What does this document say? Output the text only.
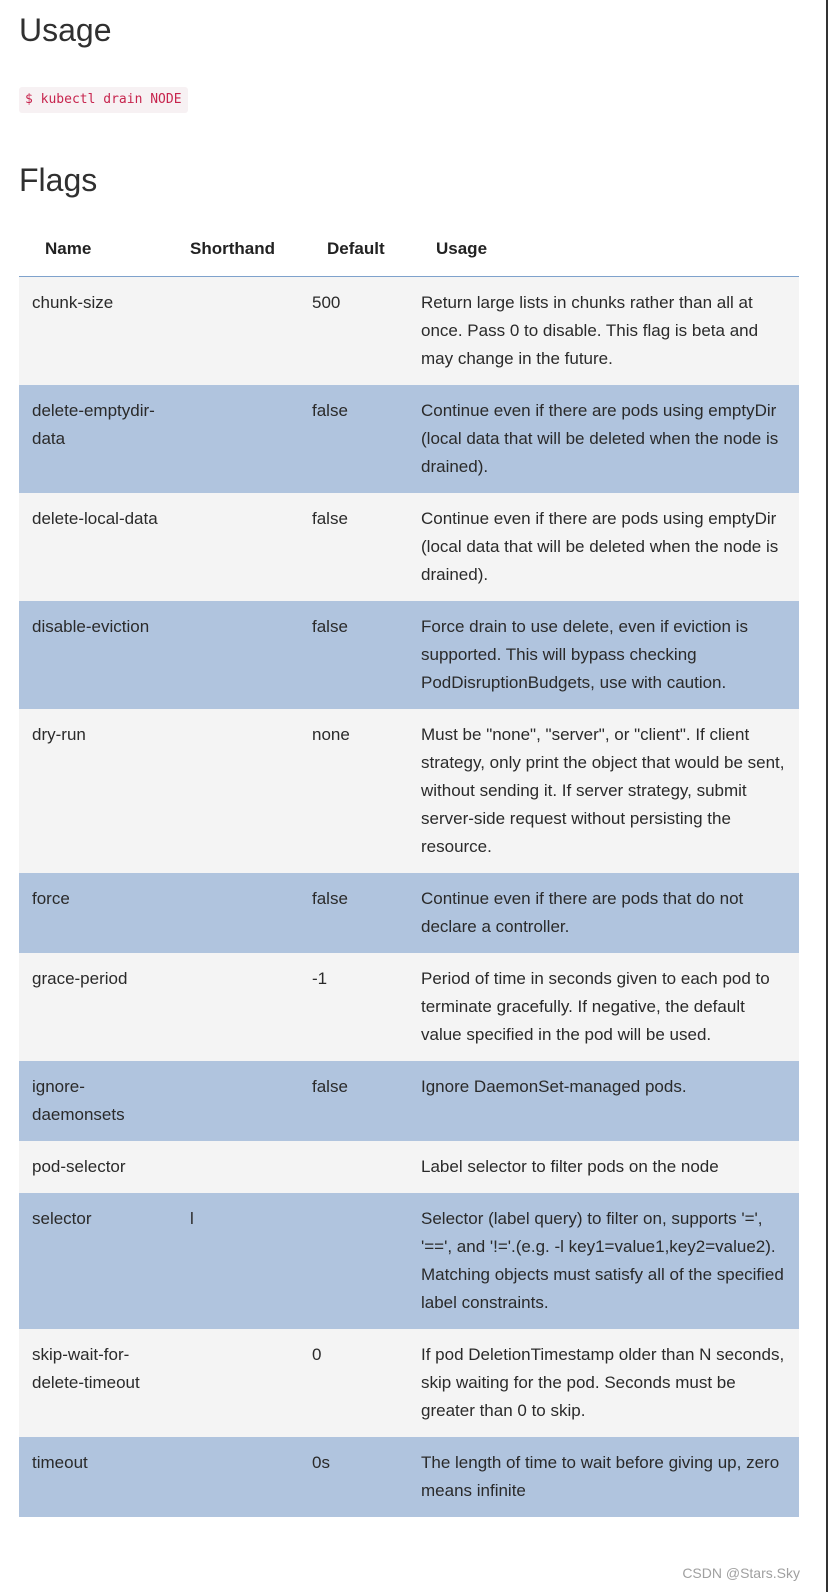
Usage
$ kubectl drain NODE
Flags
Name	Shorthand	Default	Usage
chunk-size		500	Return large lists in chunks rather than all at once. Pass 0 to disable. This flag is beta and may change in the future.
delete-emptydir-data		false	Continue even if there are pods using emptyDir (local data that will be deleted when the node is drained).
delete-local-data		false	Continue even if there are pods using emptyDir (local data that will be deleted when the node is drained).
disable-eviction		false	Force drain to use delete, even if eviction is supported. This will bypass checking PodDisruptionBudgets, use with caution.
dry-run		none	Must be "none", "server", or "client". If client strategy, only print the object that would be sent, without sending it. If server strategy, submit server-side request without persisting the resource.
force		false	Continue even if there are pods that do not declare a controller.
grace-period		-1	Period of time in seconds given to each pod to terminate gracefully. If negative, the default value specified in the pod will be used.
ignore-daemonsets		false	Ignore DaemonSet-managed pods.
pod-selector			Label selector to filter pods on the node
selector	l		Selector (label query) to filter on, supports '=', '==', and '!='.(e.g. -l key1=value1,key2=value2). Matching objects must satisfy all of the specified label constraints.
skip-wait-for-delete-timeout		0	If pod DeletionTimestamp older than N seconds, skip waiting for the pod. Seconds must be greater than 0 to skip.
timeout		0s	The length of time to wait before giving up, zero means infinite
CSDN @Stars.Sky
